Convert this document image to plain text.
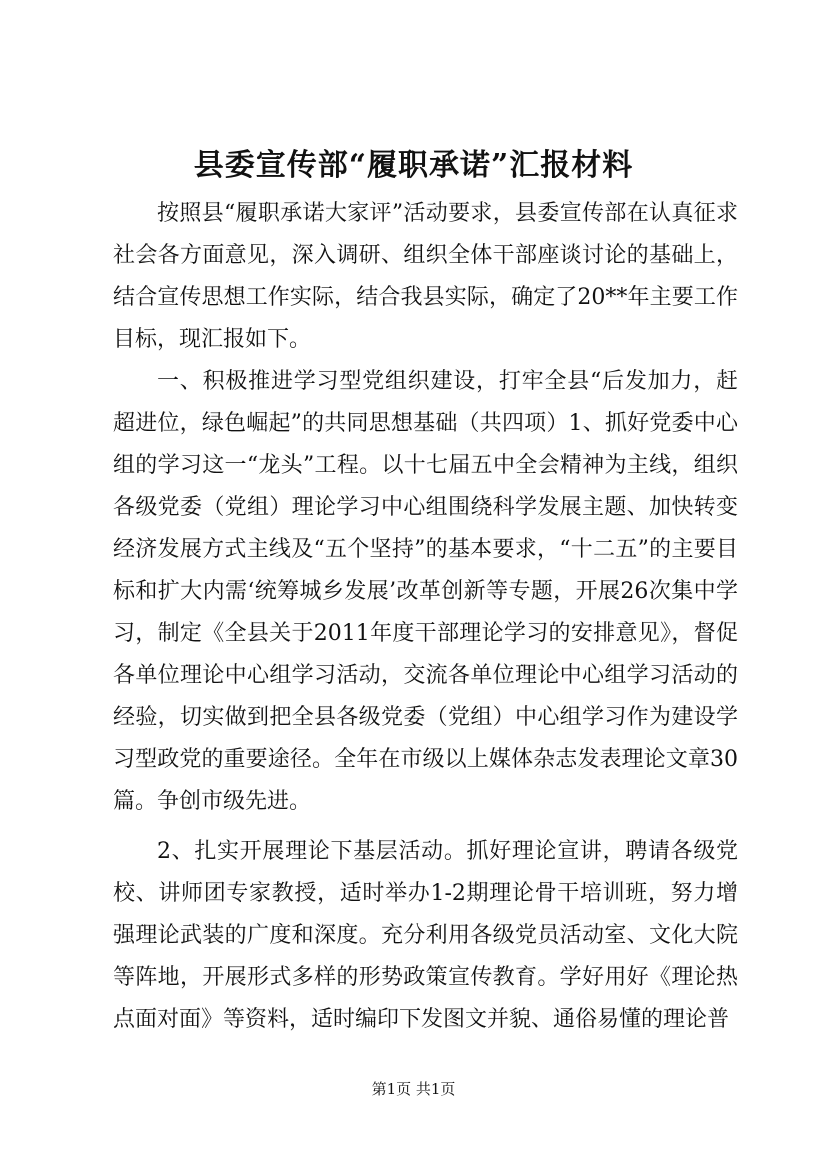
县委宣传部“履职承诺”汇报材料

按照县“履职承诺大家评”活动要求，县委宣传部在认真征求社会各方面意见，深入调研、组织全体干部座谈讨论的基础上，结合宣传思想工作实际，结合我县实际，确定了20**年主要工作目标，现汇报如下。

一、积极推进学习型党组织建设，打牢全县“后发加力，赶超进位，绿色崛起”的共同思想基础（共四项）1、抓好党委中心组的学习这一“龙头”工程。以十七届五中全会精神为主线，组织各级党委（党组）理论学习中心组围绕科学发展主题、加快转变经济发展方式主线及“五个坚持”的基本要求，“十二五”的主要目标和扩大内需‘统筹城乡发展’改革创新等专题，开展26次集中学习，制定《全县关于2011年度干部理论学习的安排意见》，督促各单位理论中心组学习活动，交流各单位理论中心组学习活动的经验，切实做到把全县各级党委（党组）中心组学习作为建设学习型政党的重要途径。全年在市级以上媒体杂志发表理论文章30篇。争创市级先进。

2、扎实开展理论下基层活动。抓好理论宣讲，聘请各级党校、讲师团专家教授，适时举办1-2期理论骨干培训班，努力增强理论武装的广度和深度。充分利用各级党员活动室、文化大院等阵地，开展形式多样的形势政策宣传教育。学好用好《理论热点面对面》等资料，适时编印下发图文并貌、通俗易懂的理论普

第1页 共1页
